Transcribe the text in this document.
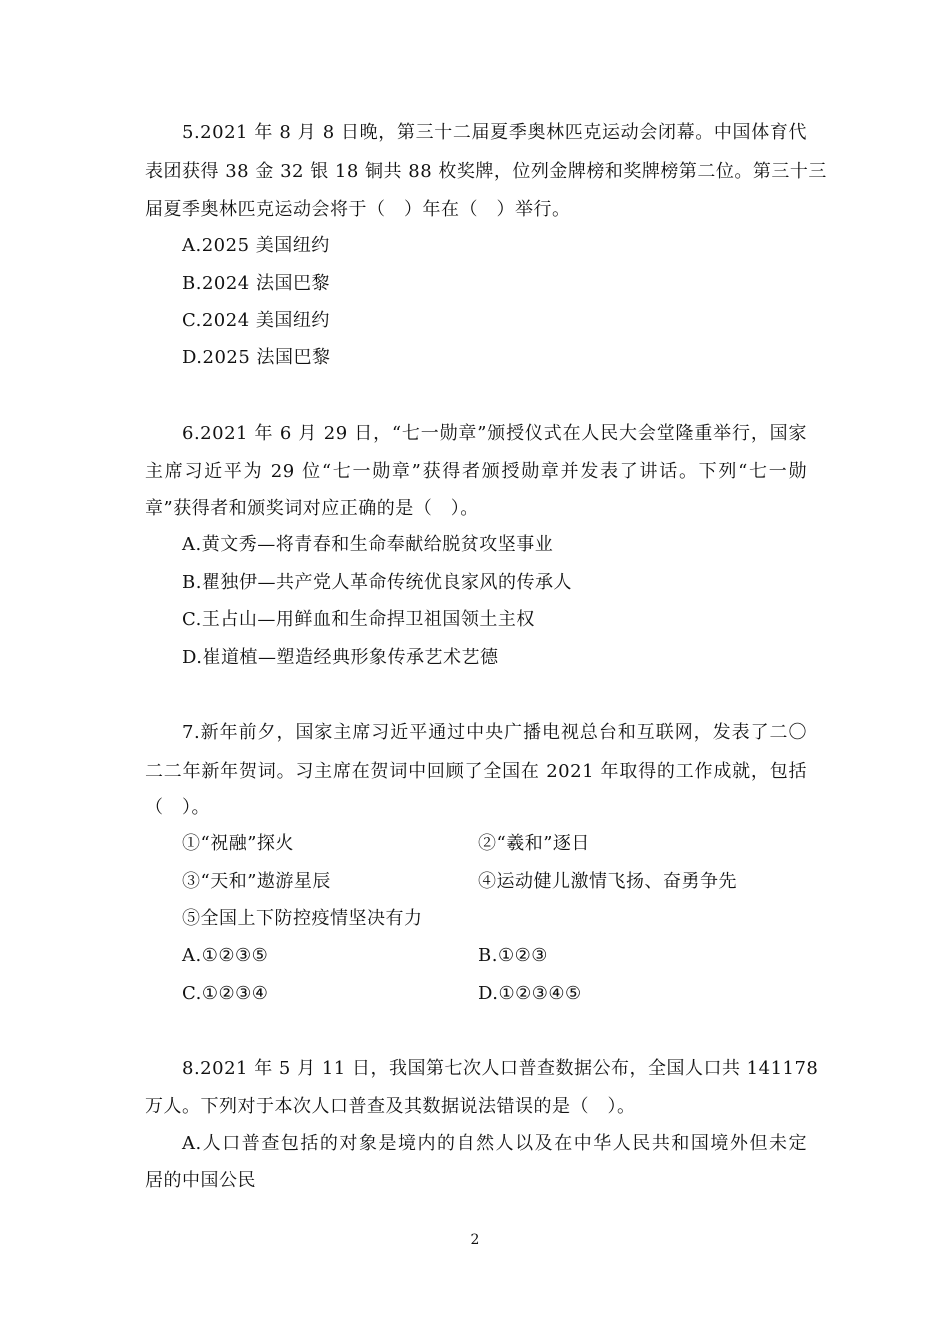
5.2021 年 8 月 8 日晚，第三十二届夏季奥林匹克运动会闭幕。中国体育代
表团获得 38 金 32 银 18 铜共 88 枚奖牌，位列金牌榜和奖牌榜第二位。第三十三
届夏季奥林匹克运动会将于（　）年在（　）举行。
A.2025 美国纽约
B.2024 法国巴黎
C.2024 美国纽约
D.2025 法国巴黎
6.2021 年 6 月 29 日，“七一勋章”颁授仪式在人民大会堂隆重举行，国家
主席习近平为 29 位“七一勋章”获得者颁授勋章并发表了讲话。下列“七一勋
章”获得者和颁奖词对应正确的是（　）。
A.黄文秀—将青春和生命奉献给脱贫攻坚事业
B.瞿独伊—共产党人革命传统优良家风的传承人
C.王占山—用鲜血和生命捍卫祖国领土主权
D.崔道植—塑造经典形象传承艺术艺德
7.新年前夕，国家主席习近平通过中央广播电视总台和互联网，发表了二〇
二二年新年贺词。习主席在贺词中回顾了全国在 2021 年取得的工作成就，包括
（　）。
①“祝融”探火	②“羲和”逐日
③“天和”遨游星辰	④运动健儿激情飞扬、奋勇争先
⑤全国上下防控疫情坚决有力
A.①②③⑤	B.①②③
C.①②③④	D.①②③④⑤
8.2021 年 5 月 11 日，我国第七次人口普查数据公布，全国人口共 141178
万人。下列对于本次人口普查及其数据说法错误的是（　）。
A.人口普查包括的对象是境内的自然人以及在中华人民共和国境外但未定
居的中国公民
2
